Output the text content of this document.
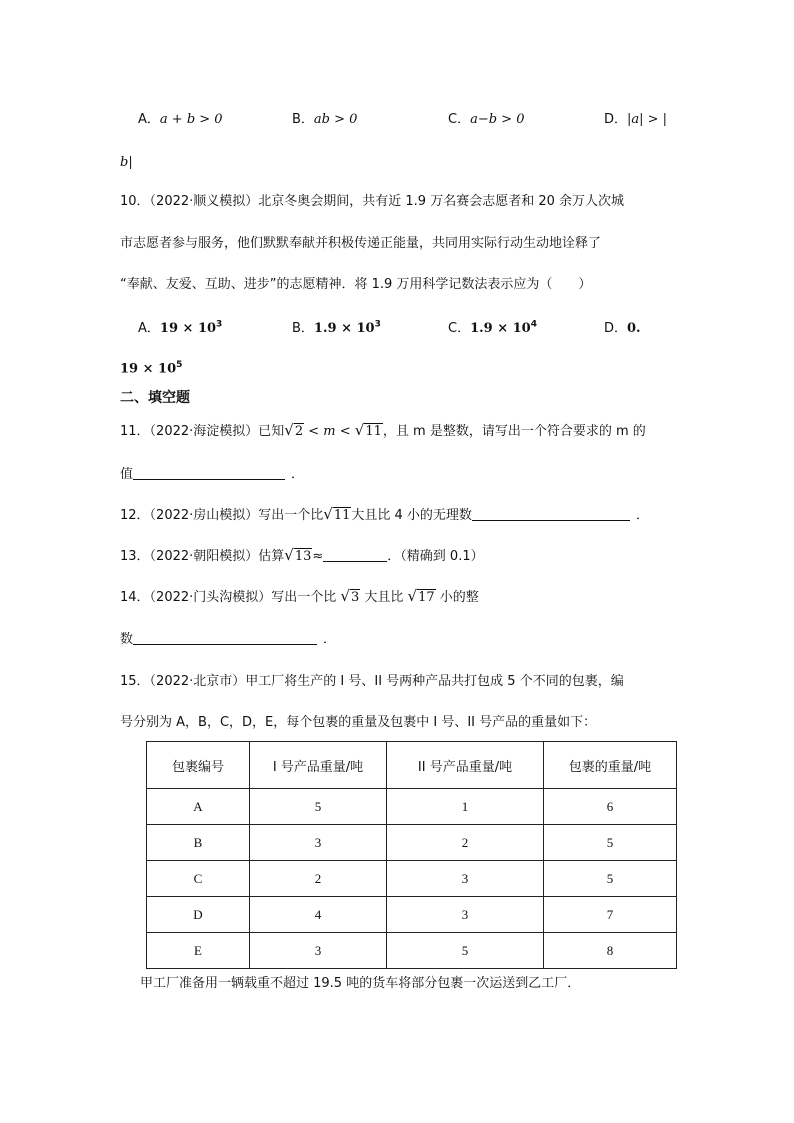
A．a + b > 0	B．ab > 0	C．a−b > 0	D．|a| > |
b|
10．（2022·顺义模拟）北京冬奥会期间，共有近 1.9 万名赛会志愿者和 20 余万人次城
市志愿者参与服务，他们默默奉献并积极传递正能量，共同用实际行动生动地诠释了
“奉献、友爱、互助、进步”的志愿精神．将 1.9 万用科学记数法表示应为（　　）
A．$19 \times 10^3$	B．$1.9 \times 10^3$	C．$1.9 \times 10^4$	D．0.
$19 \times 10^5$
二、填空题
11．（2022·海淀模拟）已知√2 < m < √11，且 m 是整数，请写出一个符合要求的 m 的
值	．
12．（2022·房山模拟）写出一个比√11大且比 4 小的无理数	．
13．（2022·朝阳模拟）估算√13≈	．（精确到 0.1）
14．（2022·门头沟模拟）写出一个比 √3 大且比 √17 小的整
数	．
15．（2022·北京市）甲工厂将生产的 I 号、II 号两种产品共打包成 5 个不同的包裹，编
号分别为 A，B，C，D，E，每个包裹的重量及包裹中 I 号、II 号产品的重量如下：
包裹编号	I 号产品重量/吨	II 号产品重量/吨	包裹的重量/吨
A	5	1	6
B	3	2	5
C	2	3	5
D	4	3	7
E	3	5	8
甲工厂准备用一辆载重不超过 19.5 吨的货车将部分包裹一次运送到乙工厂．
